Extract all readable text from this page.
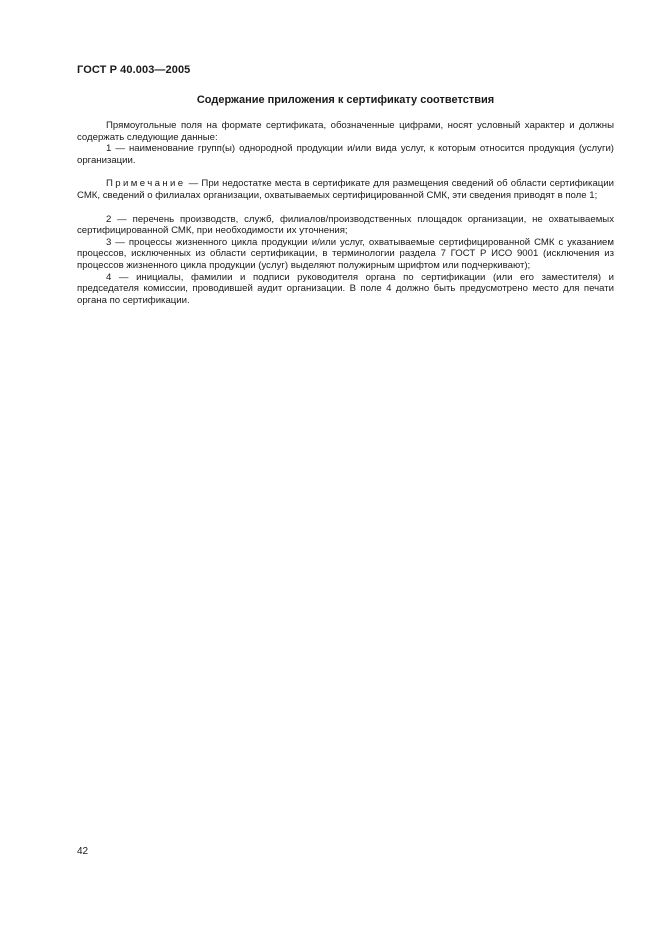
ГОСТ Р 40.003—2005
Содержание приложения к сертификату соответствия

Прямоугольные поля на формате сертификата, обозначенные цифрами, носят условный характер и должны содержать следующие данные:

1 — наименование групп(ы) однородной продукции и/или вида услуг, к которым относится продукция (услуги) организации.

Примечание — При недостатке места в сертификате для размещения сведений об области сертификации СМК, сведений о филиалах организации, охватываемых сертифицированной СМК, эти сведения приводят в поле 1;

2 — перечень производств, служб, филиалов/производственных площадок организации, не охватываемых сертифицированной СМК, при необходимости их уточнения;

3 — процессы жизненного цикла продукции и/или услуг, охватываемые сертифицированной СМК с указанием процессов, исключенных из области сертификации, в терминологии раздела 7 ГОСТ Р ИСО 9001 (исключения из процессов жизненного цикла продукции (услуг) выделяют полужирным шрифтом или подчеркивают);

4 — инициалы, фамилии и подписи руководителя органа по сертификации (или его заместителя) и председателя комиссии, проводившей аудит организации. В поле 4 должно быть предусмотрено место для печати органа по сертификации.

42
